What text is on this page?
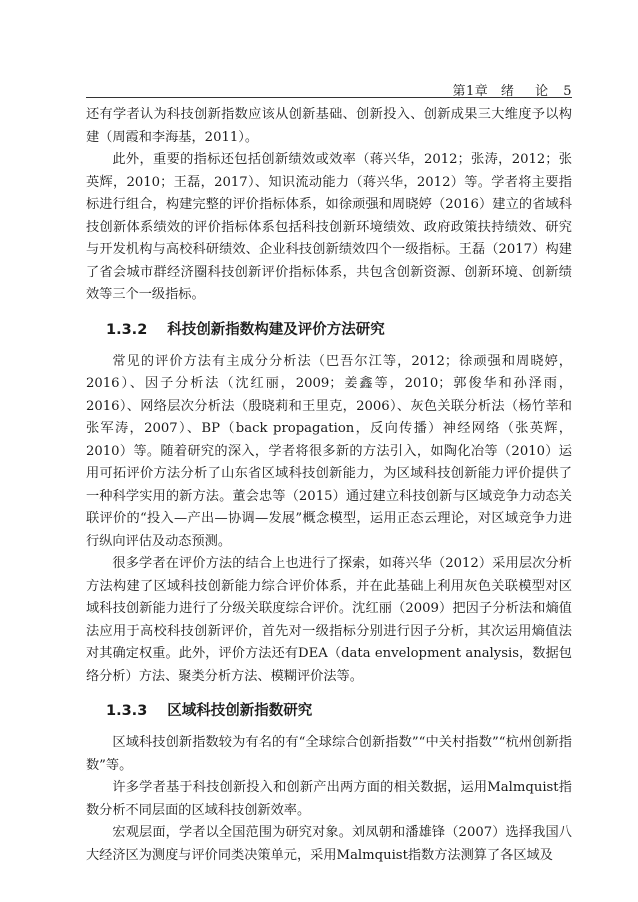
第1章 绪 论 5

还有学者认为科技创新指数应该从创新基础、创新投入、创新成果三大维度予以构建（周霞和李海基，2011）。

此外，重要的指标还包括创新绩效或效率（蒋兴华，2012；张涛，2012；张英辉，2010；王磊，2017）、知识流动能力（蒋兴华，2012）等。学者将主要指标进行组合，构建完整的评价指标体系，如徐顽强和周晓婷（2016）建立的省域科技创新体系绩效的评价指标体系包括科技创新环境绩效、政府政策扶持绩效、研究与开发机构与高校科研绩效、企业科技创新绩效四个一级指标。王磊（2017）构建了省会城市群经济圈科技创新评价指标体系，共包含创新资源、创新环境、创新绩效等三个一级指标。

1.3.2 科技创新指数构建及评价方法研究

常见的评价方法有主成分分析法（巴吾尔江等，2012；徐顽强和周晓婷，2016）、因子分析法（沈红丽，2009；姜鑫等，2010；郭俊华和孙泽雨，2016）、网络层次分析法（殷晓莉和王里克，2006）、灰色关联分析法（杨竹莘和张军涛，2007）、BP（back propagation，反向传播）神经网络（张英辉，2010）等。随着研究的深入，学者将很多新的方法引入，如陶化冶等（2010）运用可拓评价方法分析了山东省区域科技创新能力，为区域科技创新能力评价提供了一种科学实用的新方法。董会忠等（2015）通过建立科技创新与区域竞争力动态关联评价的“投入—产出—协调—发展”概念模型，运用正态云理论，对区域竞争力进行纵向评估及动态预测。

很多学者在评价方法的结合上也进行了探索，如蒋兴华（2012）采用层次分析方法构建了区域科技创新能力综合评价体系，并在此基础上利用灰色关联模型对区域科技创新能力进行了分级关联度综合评价。沈红丽（2009）把因子分析法和熵值法应用于高校科技创新评价，首先对一级指标分别进行因子分析，其次运用熵值法对其确定权重。此外，评价方法还有DEA（data envelopment analysis，数据包络分析）方法、聚类分析方法、模糊评价法等。

1.3.3 区域科技创新指数研究

区域科技创新指数较为有名的有“全球综合创新指数”“中关村指数”“杭州创新指数”等。

许多学者基于科技创新投入和创新产出两方面的相关数据，运用Malmquist指数分析不同层面的区域科技创新效率。

宏观层面，学者以全国范围为研究对象。刘凤朝和潘雄锋（2007）选择我国八大经济区为测度与评价同类决策单元，采用Malmquist指数方法测算了各区域及
